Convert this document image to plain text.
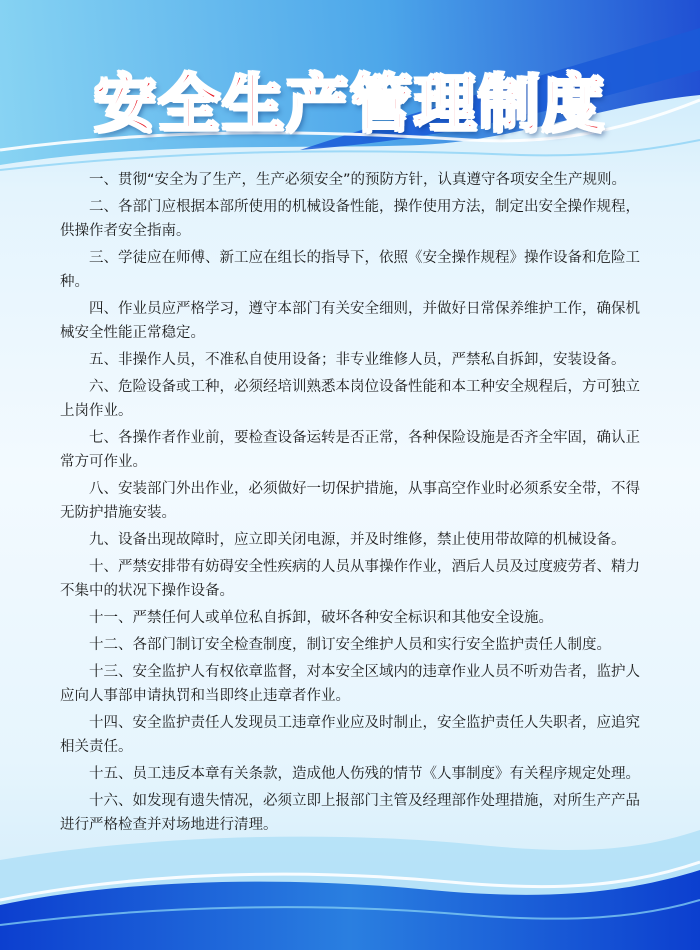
安全生产管理制度
一、贯彻“安全为了生产，生产必须安全”的预防方针，认真遵守各项安全生产规则。
二、各部门应根据本部所使用的机械设备性能，操作使用方法，制定出安全操作规程，供操作者安全指南。
三、学徒应在师傅、新工应在组长的指导下，依照《安全操作规程》操作设备和危险工种。
四、作业员应严格学习，遵守本部门有关安全细则，并做好日常保养维护工作，确保机械安全性能正常稳定。
五、非操作人员，不准私自使用设备；非专业维修人员，严禁私自拆卸，安装设备。
六、危险设备或工种，必须经培训熟悉本岗位设备性能和本工种安全规程后，方可独立上岗作业。
七、各操作者作业前，要检查设备运转是否正常，各种保险设施是否齐全牢固，确认正常方可作业。
八、安装部门外出作业，必须做好一切保护措施，从事高空作业时必须系安全带，不得无防护措施安装。
九、设备出现故障时，应立即关闭电源，并及时维修，禁止使用带故障的机械设备。
十、严禁安排带有妨碍安全性疾病的人员从事操作作业，酒后人员及过度疲劳者、精力不集中的状况下操作设备。
十一、严禁任何人或单位私自拆卸，破坏各种安全标识和其他安全设施。
十二、各部门制订安全检查制度，制订安全维护人员和实行安全监护责任人制度。
十三、安全监护人有权依章监督，对本安全区域内的违章作业人员不听劝告者，监护人应向人事部申请执罚和当即终止违章者作业。
十四、安全监护责任人发现员工违章作业应及时制止，安全监护责任人失职者，应追究相关责任。
十五、员工违反本章有关条款，造成他人伤残的情节《人事制度》有关程序规定处理。
十六、如发现有遗失情况，必须立即上报部门主管及经理部作处理措施，对所生产产品进行严格检查并对场地进行清理。
